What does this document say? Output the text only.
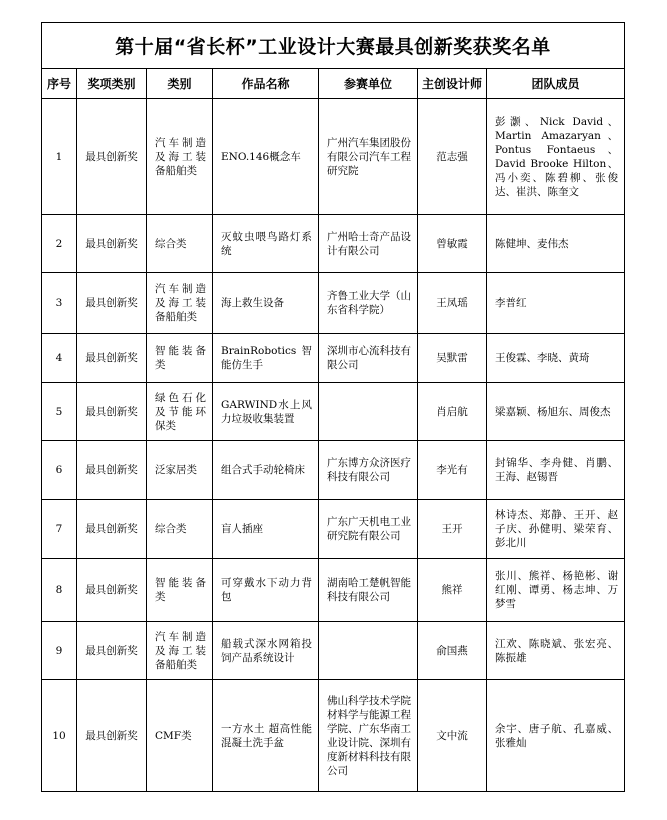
第十届“省长杯”工业设计大赛最具创新奖获奖名单						
序号	奖项类别	类别	作品名称	参赛单位	主创设计师	团队成员
1	最具创新奖	汽车制造及海工装备船舶类	ENO.146概念车	广州汽车集团股份有限公司汽车工程研究院	范志强	彭灏、Nick David、Martin Amazaryan、Pontus Fontaeus、David Brooke Hilton、冯小奕、陈碧柳、张俊达、崔洪、陈奎文
2	最具创新奖	综合类	灭蚊虫喂鸟路灯系统	广州哈士奇产品设计有限公司	曾敏霞	陈健坤、麦伟杰
3	最具创新奖	汽车制造及海工装备船舶类	海上救生设备	齐鲁工业大学（山东省科学院）	王凤瑶	李普红
4	最具创新奖	智能装备类	BrainRobotics智能仿生手	深圳市心流科技有限公司	吴默雷	王俊霖、李晓、黄琦
5	最具创新奖	绿色石化及节能环保类	GARWIND水上风力垃圾收集装置		肖启航	梁嘉颖、杨旭东、周俊杰
6	最具创新奖	泛家居类	组合式手动轮椅床	广东博方众济医疗科技有限公司	李光有	封锦华、李舟健、肖鹏、王海、赵锡晋
7	最具创新奖	综合类	盲人插座	广东广天机电工业研究院有限公司	王开	林诗杰、郑静、王开、赵子庆、孙健明、梁荣育、彭北川
8	最具创新奖	智能装备类	可穿戴水下动力背包	湖南哈工楚帆智能科技有限公司	熊祥	张川、熊祥、杨艳彬、谢红刚、谭勇、杨志坤、万梦雪
9	最具创新奖	汽车制造及海工装备船舶类	船载式深水网箱投饲产品系统设计		俞国燕	江欢、陈晓斌、张宏亮、陈振雄
10	最具创新奖	CMF类	一方水土 超高性能混凝土洗手盆	佛山科学技术学院材料学与能源工程学院、广东华南工业设计院、深圳有度新材料科技有限公司	文中流	余宇、唐子航、孔嘉威、张雅灿
